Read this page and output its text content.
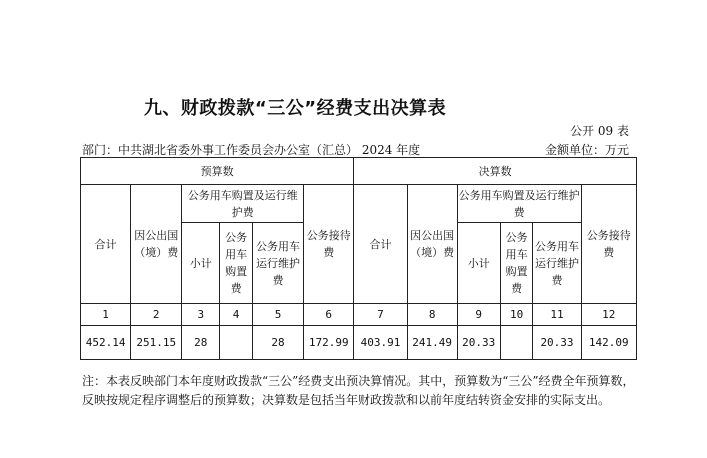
九、财政拨款“三公”经费支出决算表
公开 09 表
部门：中共湖北省委外事工作委员会办公室（汇总） 2024 年度	金额单位：万元
预算数						决算数					
合计	因公出国（境）费	公务用车购置及运行维护费			公务接待费	合计	因公出国（境）费	公务用车购置及运行维护费			公务接待费
		小计	公务用车购置费	公务用车运行维护费				小计	公务用车购置费	公务用车运行维护费	
1	2	3	4	5	6	7	8	9	10	11	12
452.14	251.15	28		28	172.99	403.91	241.49	20.33		20.33	142.09
注：本表反映部门本年度财政拨款“三公”经费支出预决算情况。其中，预算数为“三公”经费全年预算数，反映按规定程序调整后的预算数；决算数是包括当年财政拨款和以前年度结转资金安排的实际支出。
